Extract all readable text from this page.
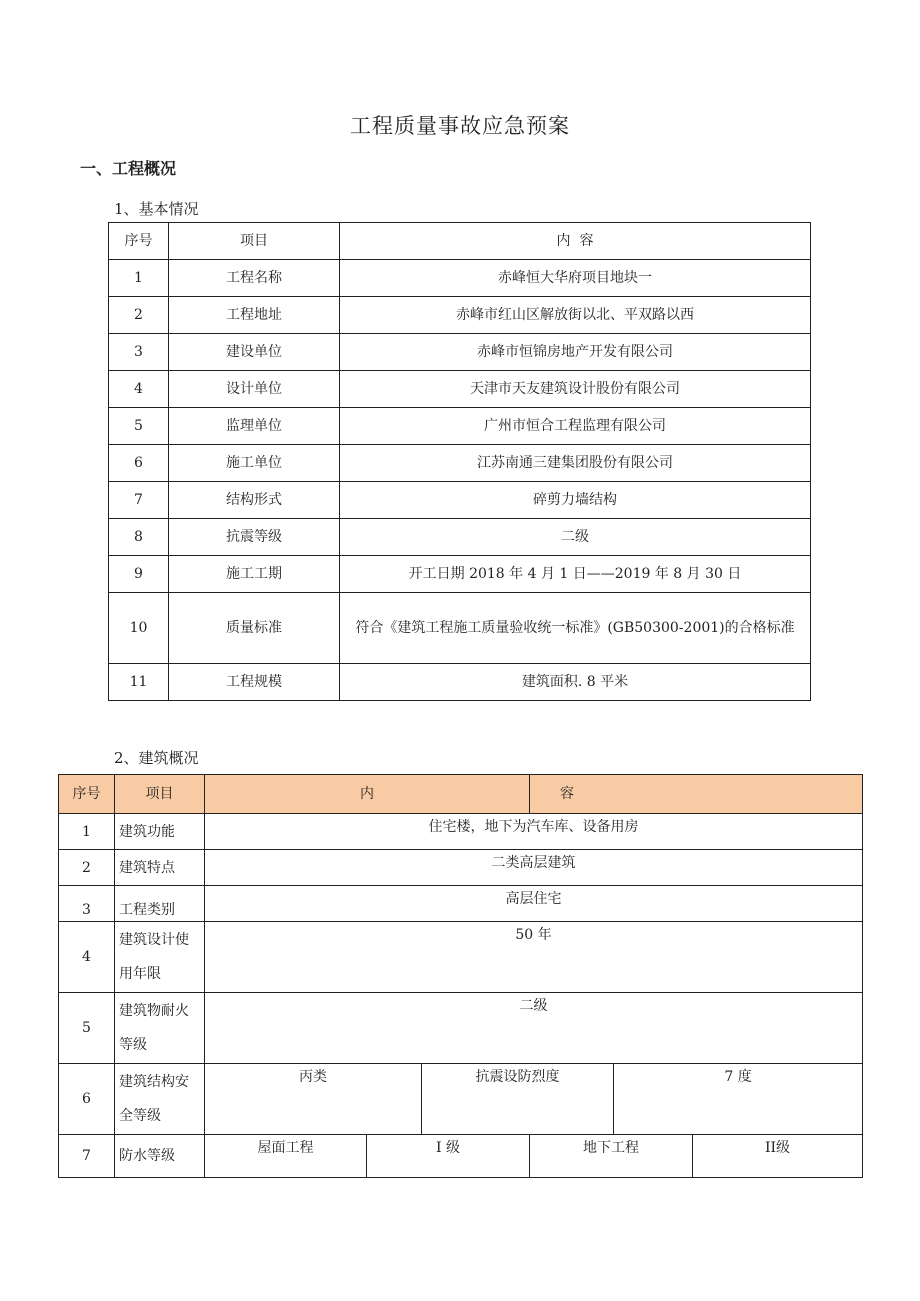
工程质量事故应急预案
一、工程概况
1、基本情况
序号	项目	内  容
1	工程名称	赤峰恒大华府项目地块一
2	工程地址	赤峰市红山区解放街以北、平双路以西
3	建设单位	赤峰市恒锦房地产开发有限公司
4	设计单位	天津市天友建筑设计股份有限公司
5	监理单位	广州市恒合工程监理有限公司
6	施工单位	江苏南通三建集团股份有限公司
7	结构形式	碎剪力墙结构
8	抗震等级	二级
9	施工工期	开工日期 2018 年 4 月 1 日——2019 年 8 月 30 日
10	质量标准	符合《建筑工程施工质量验收统一标准》(GB50300-2001)的合格标准
11	工程规模	建筑面积. 8 平米
2、建筑概况
序号	项目	内			容		
1	建筑功能	住宅楼，地下为汽车库、设备用房					
2	建筑特点	二类高层建筑					
3	工程类别	高层住宅					
4	建筑设计使用年限	50 年					
5	建筑物耐火等级	二级					
6	建筑结构安全等级	丙类		抗震设防烈度		7 度	
7	防水等级	屋面工程	I 级		地下工程		II级
